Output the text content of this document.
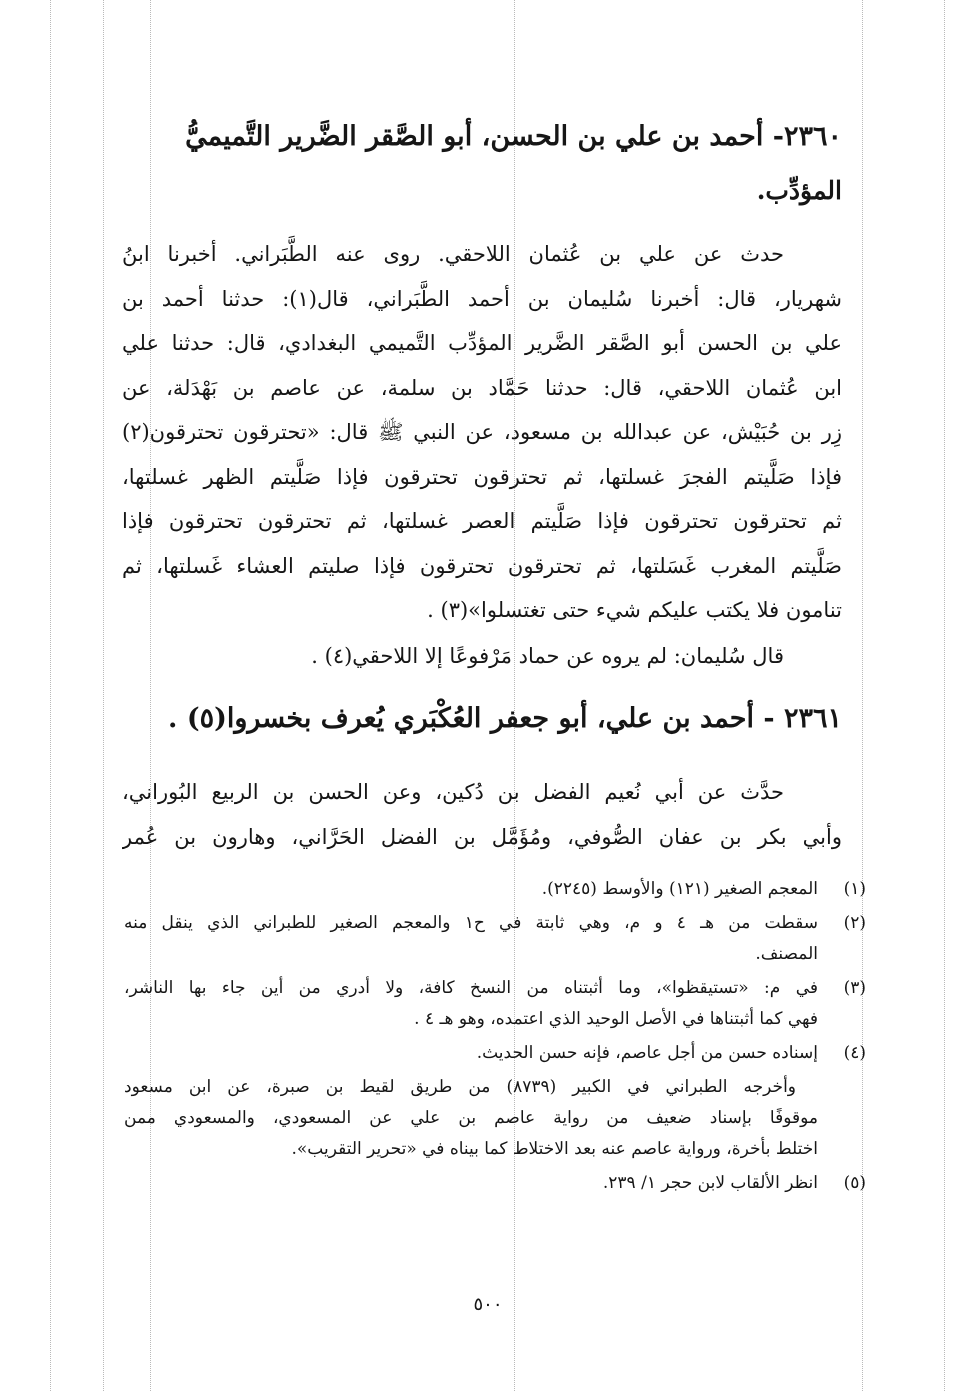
٢٣٦٠- أحمد بن علي بن الحسن، أبو الصَّقر الضَّرير التَّميميُّ
المؤدِّب.
حدث عن علي بن عُثمان اللاحقي. روى عنه الطَّبَراني. أخبرنا ابنُ
شهريار، قال: أخبرنا سُليمان بن أحمد الطَّبَراني، قال(١): حدثنا أحمد بن
علي بن الحسن أبو الصَّقر الضَّرير المؤدِّب التَّميمي البغدادي، قال: حدثنا علي
ابن عُثمان اللاحقي، قال: حدثنا حَمَّاد بن سلمة، عن عاصم بن بَهْدَلة، عن
زِر بن حُبَيْش، عن عبدالله بن مسعود، عن النبي ﷺ قال: «تحترقون تحترقون(٢)
فإذا صَلَّيتم الفجرَ غسلتها، ثم تحترقون تحترقون فإذا صَلَّيتم الظهر غسلتها،
ثم تحترقون تحترقون فإذا صَلَّيتم العصر غسلتها، ثم تحترقون تحترقون فإذا
صَلَّيتم المغرب غَسَلتها، ثم تحترقون تحترقون فإذا صليتم العشاء غَسلتها، ثم
تنامون فلا يكتب عليكم شيء حتى تغتسلوا»(٣) .
قال سُليمان: لم يروه عن حماد مَرْفوعًا إلا اللاحقي(٤) .
٢٣٦١ - أحمد بن علي، أبو جعفر العُكْبَري يُعرف بخسروا(٥) .
حدَّث عن أبي نُعيم الفضل بن دُكين، وعن الحسن بن الربيع البُوراني،
وأبي بكر بن عفان الصُّوفي، ومُؤَمَّل بن الفضل الحَرَّاني، وهارون بن عُمر
(١)
المعجم الصغير (١٢١) والأوسط (٢٢٤٥).
(٢)
سقطت من هـ ٤ و م، وهي ثابتة في ح١ والمعجم الصغير للطبراني الذي ينقل منه
المصنف.
(٣)
في م: «تستيقظوا»، وما أثبتناه من النسخ كافة، ولا أدري من أين جاء بها الناشر،
فهي كما أثبتناها في الأصل الوحيد الذي اعتمده، وهو هـ ٤ .
(٤)
إسناده حسن من أجل عاصم، فإنه حسن الحديث.
وأخرجه الطبراني في الكبير (٨٧٣٩) من طريق لقيط بن صبرة، عن ابن مسعود
موقوفًا بإسناد ضعيف من رواية عاصم بن علي عن المسعودي، والمسعودي ممن
اختلط بأخرة، ورواية عاصم عنه بعد الاختلاط كما بيناه في «تحرير التقريب».
(٥)
انظر الألقاب لابن حجر ١/ ٢٣٩.
٥٠٠
